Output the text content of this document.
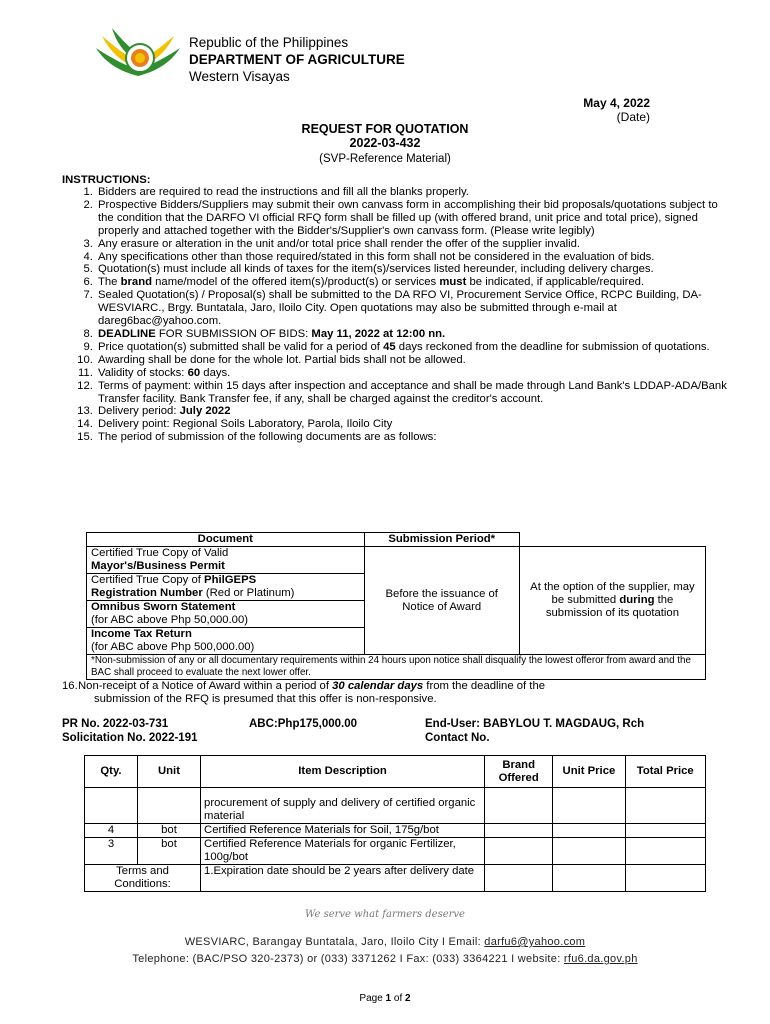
Republic of the Philippines
DEPARTMENT OF AGRICULTURE
Western Visayas
May 4, 2022
(Date)
REQUEST FOR QUOTATION
2022-03-432
(SVP-Reference Material)
INSTRUCTIONS:
1. Bidders are required to read the instructions and fill all the blanks properly.
2. Prospective Bidders/Suppliers may submit their own canvass form in accomplishing their bid proposals/quotations subject to the condition that the DARFO VI official RFQ form shall be filled up (with offered brand, unit price and total price), signed properly and attached together with the Bidder's/Supplier's own canvass form. (Please write legibly)
3. Any erasure or alteration in the unit and/or total price shall render the offer of the supplier invalid.
4. Any specifications other than those required/stated in this form shall not be considered in the evaluation of bids.
5. Quotation(s) must include all kinds of taxes for the item(s)/services listed hereunder, including delivery charges.
6. The brand name/model of the offered item(s)/product(s) or services must be indicated, if applicable/required.
7. Sealed Quotation(s) / Proposal(s) shall be submitted to the DA RFO VI, Procurement Service Office, RCPC Building, DA-WESVIARC., Brgy. Buntatala, Jaro, Iloilo City. Open quotations may also be submitted through e-mail at dareg6bac@yahoo.com.
8. DEADLINE FOR SUBMISSION OF BIDS: May 11, 2022 at 12:00 nn.
9. Price quotation(s) submitted shall be valid for a period of 45 days reckoned from the deadline for submission of quotations.
10. Awarding shall be done for the whole lot. Partial bids shall not be allowed.
11. Validity of stocks: 60 days.
12. Terms of payment: within 15 days after inspection and acceptance and shall be made through Land Bank's LDDAP-ADA/Bank Transfer facility. Bank Transfer fee, if any, shall be charged against the creditor's account.
13. Delivery period: July 2022
14. Delivery point: Regional Soils Laboratory, Parola, Iloilo City
15. The period of submission of the following documents are as follows:
Document	Submission Period*	

Certified True Copy of Valid
Mayor's/Business Permit	Before the issuance of Notice of Award	At the option of the supplier, may be submitted during the submission of its quotation
Certified True Copy of PhilGEPS
Registration Number (Red or Platinum)		
Omnibus Sworn Statement
(for ABC above Php 50,000.00)		

Income Tax Return
(for ABC above Php 500,000.00)		

*Non-submission of any or all documentary requirements within 24 hours upon notice shall disqualify the lowest offeror from award and the BAC shall proceed to evaluate the next lower offer.		
16.Non-receipt of a Notice of Award within a period of 30 calendar days from the deadline of the
submission of the RFQ is presumed that this offer is non-responsive.
PR No. 2022-03-731
Solicitation No. 2022-191
ABC:Php175,000.00	End-User: BABYLOU T. MAGDAUG, Rch
Contact No.
Qty.	Unit	Item Description	Brand Offered	Unit Price	Total Price
		procurement of supply and delivery of certified organic material			
4	bot	Certified Reference Materials for Soil, 175g/bot			
3	bot	Certified Reference Materials for organic Fertilizer, 100g/bot			
Terms and Conditions:		1.Expiration date should be 2 years after delivery date			
We serve what farmers deserve
WESVIARC, Barangay Buntatala, Jaro, Iloilo City I Email: darfu6@yahoo.com
Telephone: (BAC/PSO 320-2373) or (033) 3371262 I Fax: (033) 3364221 I website: rfu6.da.gov.ph
Page 1 of 2
